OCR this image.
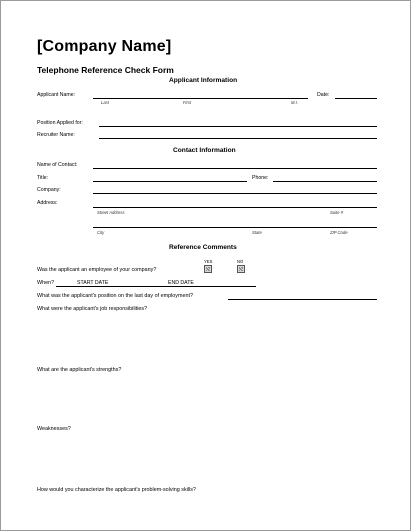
[Company Name]
Telephone Reference Check Form
Applicant Information
Applicant Name:
Last	First	M.I.
Date:
Position Applied for:
Recruiter Name:
Contact Information
Name of Contact:
Title:	Phone:
Company:
Address:
Street Address	Suite #
City	State	ZIP Code
Reference Comments
YES	NO
Was the applicant an employee of your company?
When?	START DATE	END DATE
What was the applicant's position on the last day of employment?
What were the applicant's job responsibilities?
What are the applicant's strengths?
Weaknesses?
How would you characterize the applicant's problem-solving skills?
